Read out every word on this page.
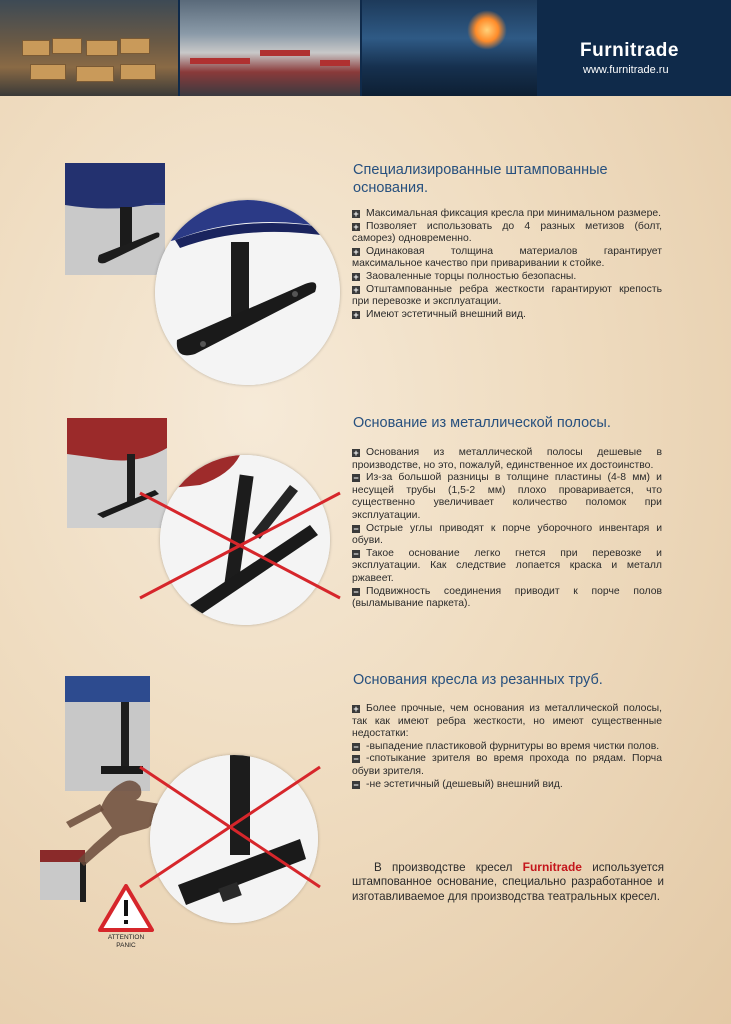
Furnitrade
www.furnitrade.ru
Специализированные штампованные основания.

+ Максимальная фиксация кресла при минимальном размере.

+ Позволяет использовать до 4 разных метизов (болт, саморез) одновременно.

+ Одинаковая толщина материалов гарантирует максимальное качество при приваривании к стойке.

+ Заоваленные торцы полностью безопасны.

+ Отштампованные ребра жесткости гарантируют крепость при перевозке и эксплуатации.

+ Имеют эстетичный внешний вид.

Основание из металлической полосы.

+ Основания из металлической полосы дешевые в производстве, но это, пожалуй, единственное их достоинство.

− Из-за большой разницы в толщине пластины (4-8 мм) и несущей трубы (1,5-2 мм) плохо проваривается, что существенно увеличивает количество поломок при эксплуатации.

− Острые углы приводят к порче уборочного инвентаря и обуви.

− Такое основание легко гнется при перевозке и эксплуатации. Как следствие лопается краска и металл ржавеет.

− Подвижность соединения приводит к порче полов (выламывание паркета).

ATTENTION
PANIC
Основания кресла из резанных труб.

+ Более прочные, чем основания из металлической полосы, так как имеют ребра жесткости, но имеют существенные недостатки:

− -выпадение пластиковой фурнитуры во время чистки полов.

− -спотыкание зрителя во время прохода по рядам. Порча обуви зрителя.

− -не эстетичный (дешевый) внешний вид.

В производстве кресел Furnitrade используется штампованное основание, специально разработанное и изготавливаемое для производства театральных кресел.
